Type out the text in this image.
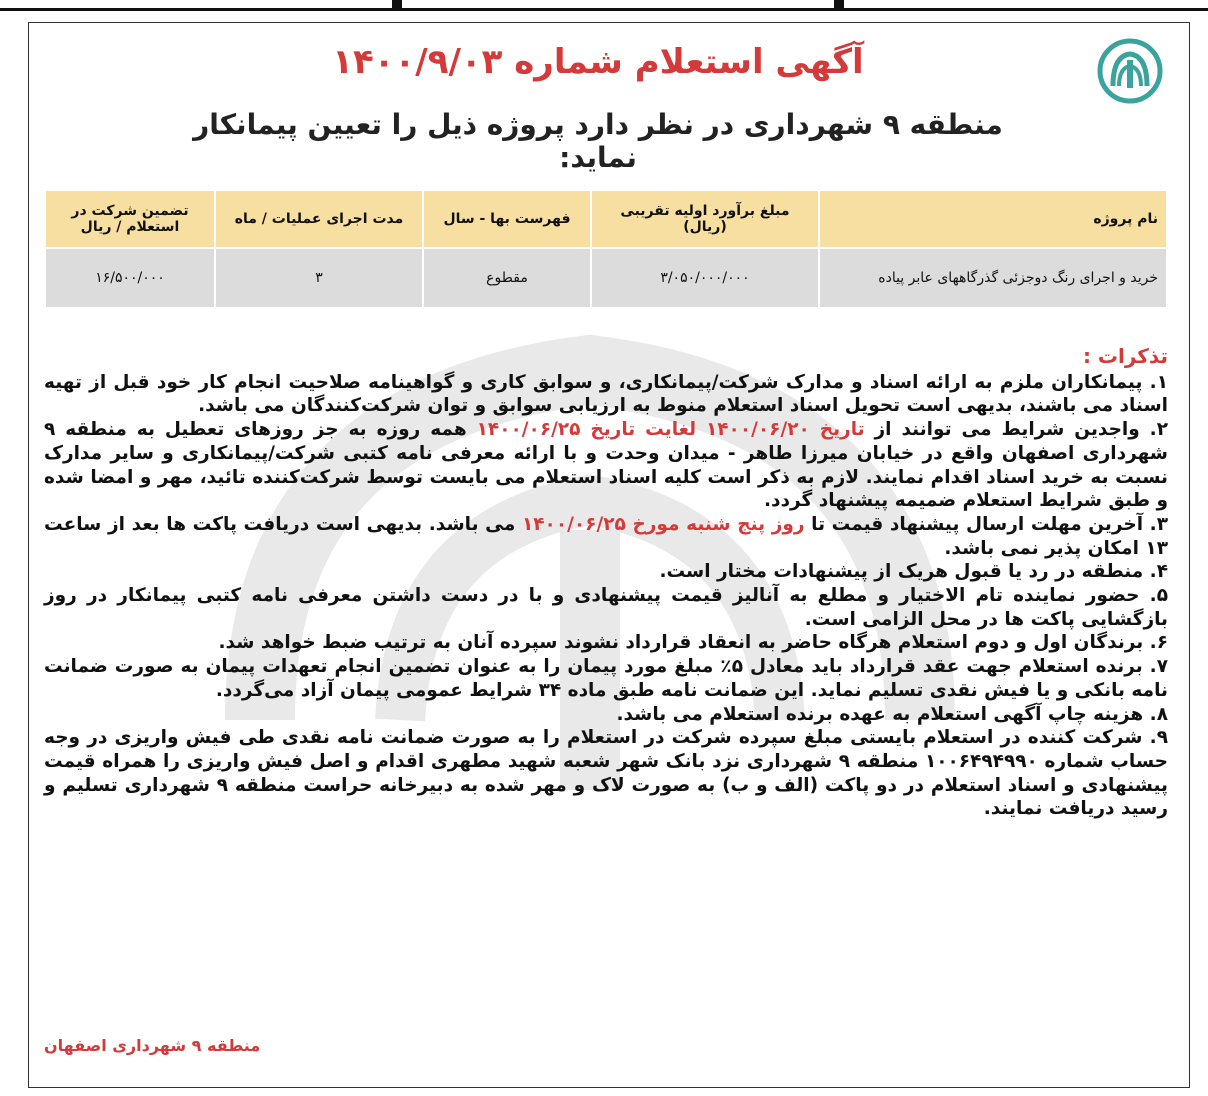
آگهی استعلام شماره ۱۴۰۰/۹/۰۳
منطقه ۹ شهرداری در نظر دارد پروژه ذیل را تعیین پیمانکار نماید:
نام پروژه	مبلغ برآورد اولیه تقریبی (ریال)	فهرست بها - سال	مدت اجرای عملیات / ماه	تضمین شرکت در استعلام / ریال
خرید و اجرای رنگ دوجزئی گذرگاههای عابر پیاده	۳/۰۵۰/۰۰۰/۰۰۰	مقطوع	۳	۱۶/۵۰۰/۰۰۰
تذکرات :

۱. پیمانکاران ملزم به ارائه اسناد و مدارک شرکت/پیمانکاری، و سوابق کاری و گواهینامه صلاحیت انجام کار خود قبل از تهیه اسناد می باشند، بدیهی است تحویل اسناد استعلام منوط به ارزیابی سوابق و توان شرکت‌کنندگان می باشد.

۲. واجدین شرایط می توانند از تاریخ ۱۴۰۰/۰۶/۲۰ لغایت تاریخ ۱۴۰۰/۰۶/۲۵ همه روزه به جز روزهای تعطیل به منطقه ۹ شهرداری اصفهان واقع در خیابان میرزا طاهر - میدان وحدت و با ارائه معرفی نامه کتبی شرکت/پیمانکاری و سایر مدارک نسبت به خرید اسناد اقدام نمایند. لازم به ذکر است کلیه اسناد استعلام می بایست توسط شرکت‌کننده تائید، مهر و امضا شده و طبق شرایط استعلام ضمیمه پیشنهاد گردد.

۳. آخرین مهلت ارسال پیشنهاد قیمت تا روز پنج شنبه مورخ ۱۴۰۰/۰۶/۲۵ می باشد. بدیهی است دریافت پاکت ها بعد از ساعت ۱۳ امکان پذیر نمی باشد.

۴. منطقه در رد یا قبول هریک از پیشنهادات مختار است.

۵. حضور نماینده تام الاختیار و مطلع به آنالیز قیمت پیشنهادی و با در دست داشتن معرفی نامه کتبی پیمانکار در روز بازگشایی پاکت ها در محل الزامی است.

۶. برندگان اول و دوم استعلام هرگاه حاضر به انعقاد قرارداد نشوند سپرده آنان به ترتیب ضبط خواهد شد.

۷. برنده استعلام جهت عقد قرارداد باید معادل ۵٪ مبلغ مورد پیمان را به عنوان تضمین انجام تعهدات پیمان به صورت ضمانت نامه بانکی و یا فیش نقدی تسلیم نماید. این ضمانت نامه طبق ماده ۳۴ شرایط عمومی پیمان آزاد می‌گردد.

۸. هزینه چاپ آگهی استعلام به عهده برنده استعلام می باشد.

۹. شرکت کننده در استعلام بایستی مبلغ سپرده شرکت در استعلام را به صورت ضمانت نامه نقدی طی فیش واریزی در وجه حساب شماره ۱۰۰۶۴۹۴۹۹۰ منطقه ۹ شهرداری نزد بانک شهر شعبه شهید مطهری اقدام و اصل فیش واریزی را همراه قیمت پیشنهادی و اسناد استعلام در دو پاکت (الف و ب) به صورت لاک و مهر شده به دبیرخانه حراست منطقه ۹ شهرداری تسلیم و رسید دریافت نمایند.

منطقه ۹ شهرداری اصفهان
